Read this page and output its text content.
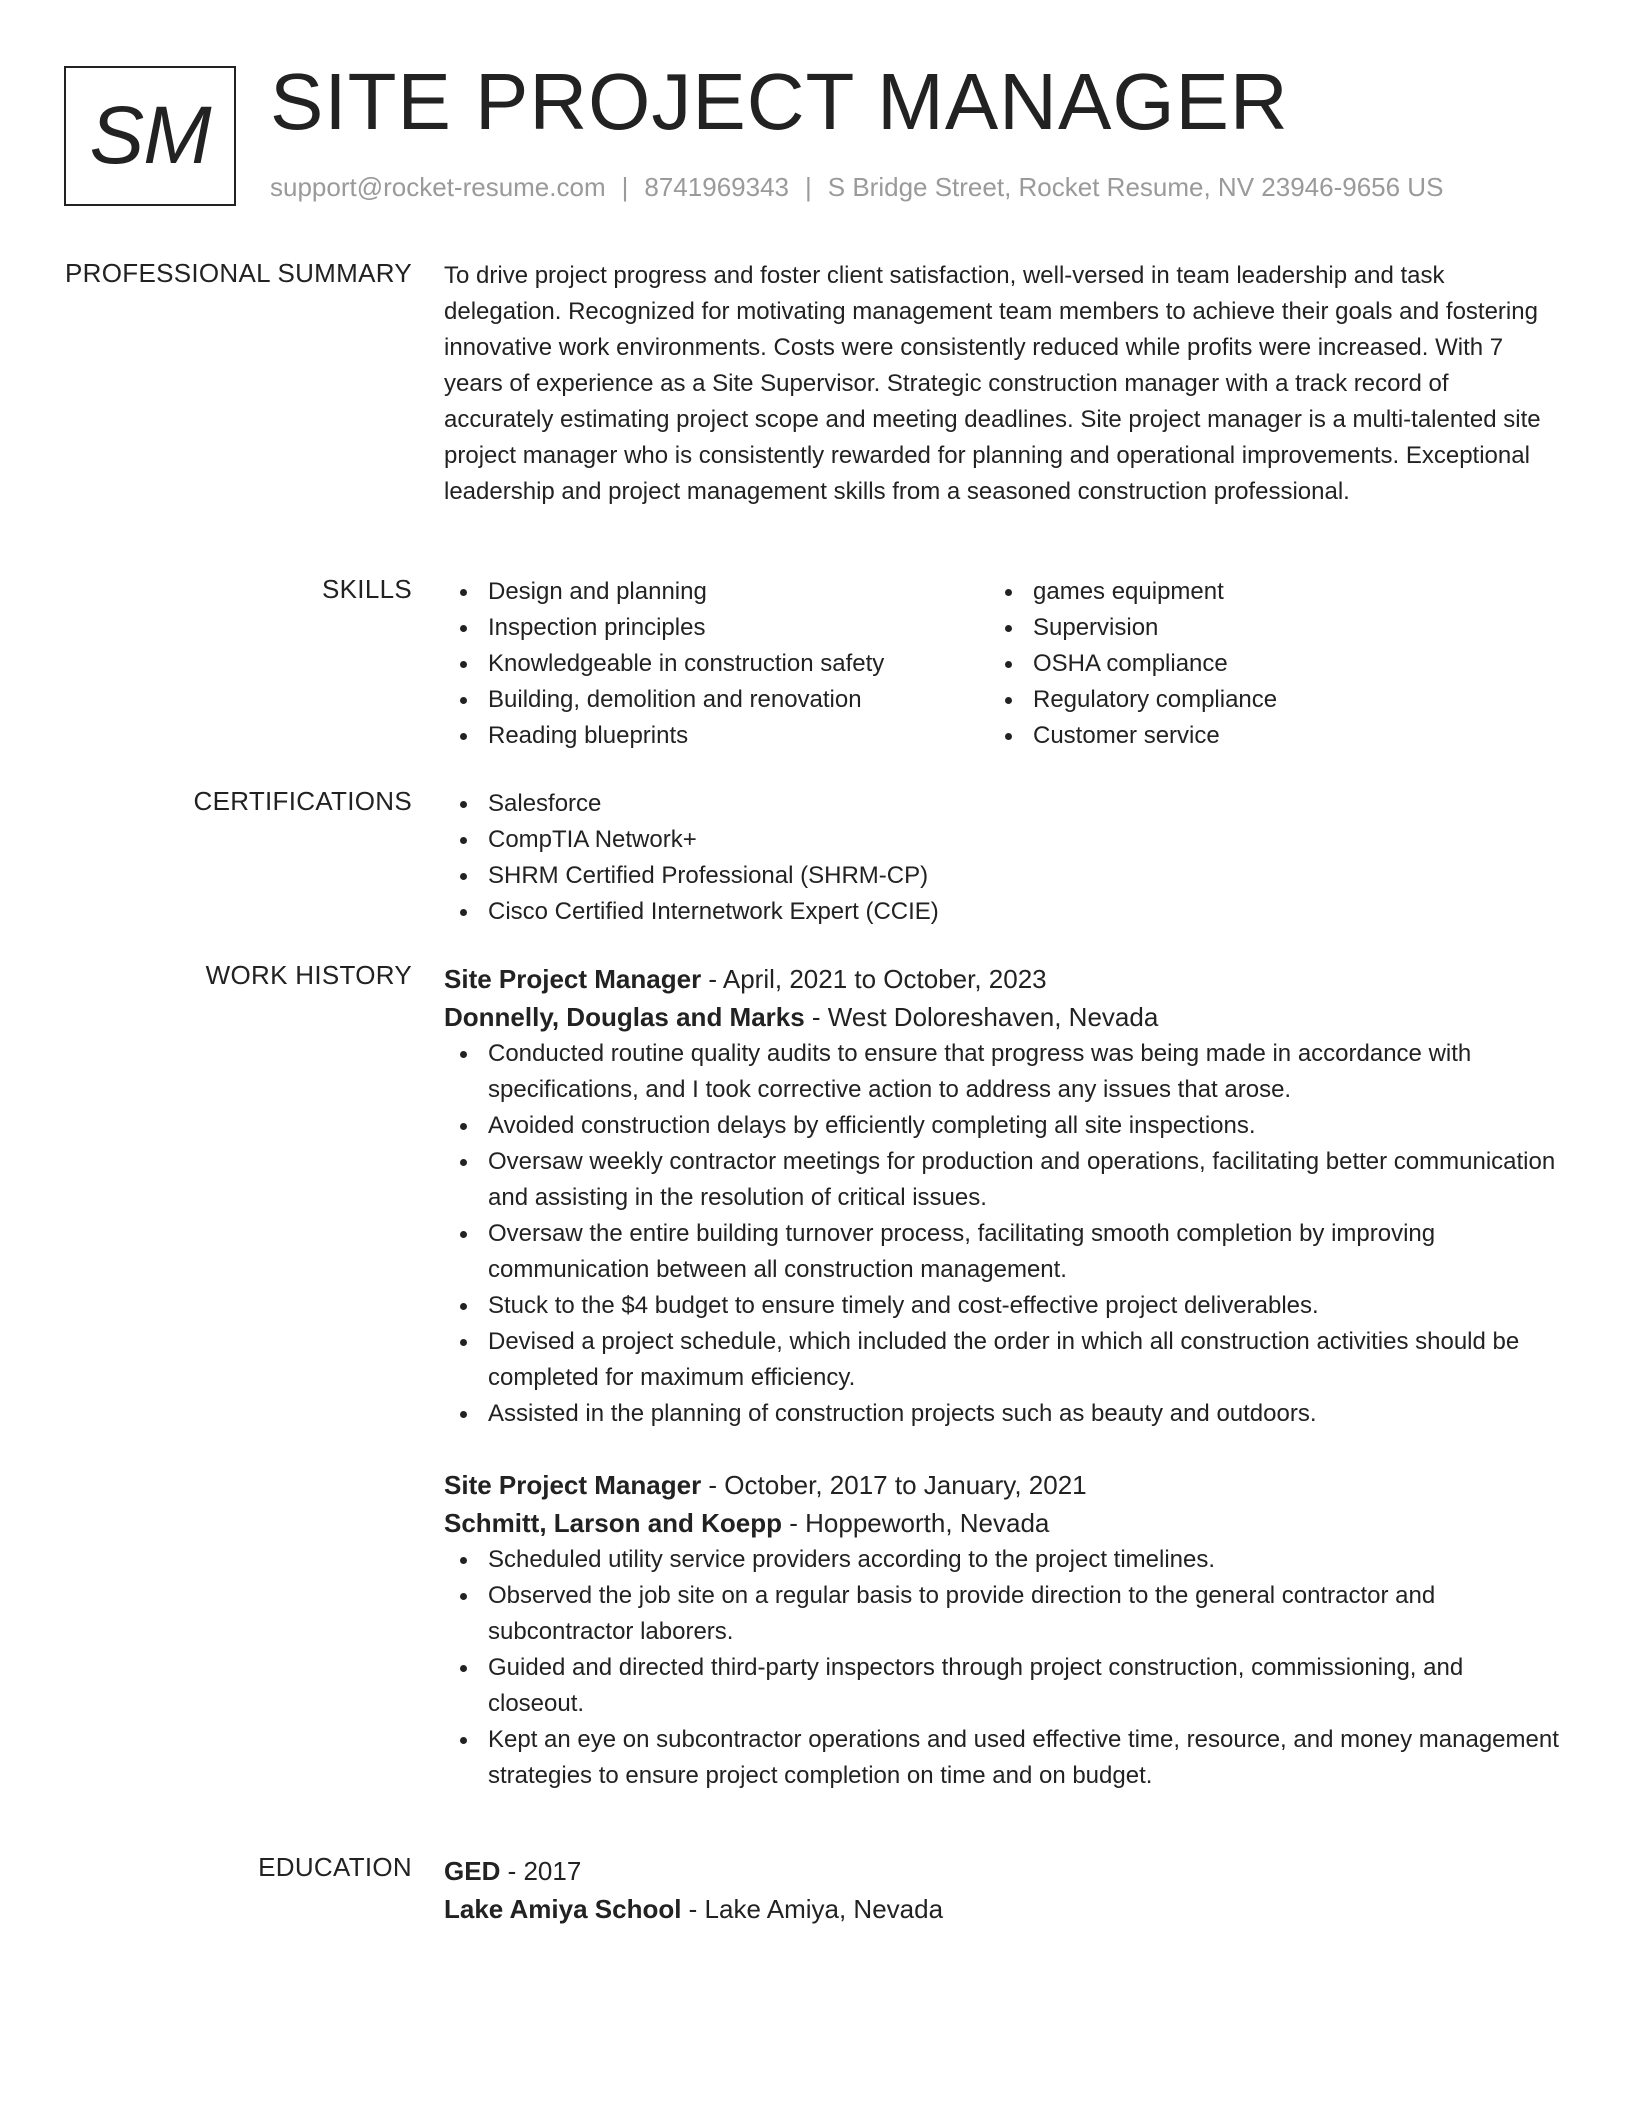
SM SITE PROJECT MANAGER
support@rocket-resume.com | 8741969343 | S Bridge Street, Rocket Resume, NV 23946-9656 US
PROFESSIONAL SUMMARY To drive project progress and foster client satisfaction, well-versed in team leadership and task delegation. Recognized for motivating management team members to achieve their goals and fostering innovative work environments. Costs were consistently reduced while profits were increased. With 7 years of experience as a Site Supervisor. Strategic construction manager with a track record of accurately estimating project scope and meeting deadlines. Site project manager is a multi-talented site project manager who is consistently rewarded for planning and operational improvements. Exceptional leadership and project management skills from a seasoned construction professional.

SKILLS	Design and planning
Inspection principles
Knowledgeable in construction safety
Building, demolition and renovation
Reading blueprints
games equipment
Supervision
OSHA compliance
Regulatory compliance
Customer service
CERTIFICATIONS	Salesforce
CompTIA Network+
SHRM Certified Professional (SHRM-CP)
Cisco Certified Internetwork Expert (CCIE)
WORK HISTORY Site Project Manager - April, 2021 to October, 2023
Donnelly, Douglas and Marks - West Doloreshaven, Nevada
Conducted routine quality audits to ensure that progress was being made in accordance with specifications, and I took corrective action to address any issues that arose.
Avoided construction delays by efficiently completing all site inspections.
Oversaw weekly contractor meetings for production and operations, facilitating better communication and assisting in the resolution of critical issues.
Oversaw the entire building turnover process, facilitating smooth completion by improving communication between all construction management.
Stuck to the $4 budget to ensure timely and cost-effective project deliverables.
Devised a project schedule, which included the order in which all construction activities should be completed for maximum efficiency.
Assisted in the planning of construction projects such as beauty and outdoors.
Site Project Manager - October, 2017 to January, 2021
Schmitt, Larson and Koepp - Hoppeworth, Nevada
Scheduled utility service providers according to the project timelines.
Observed the job site on a regular basis to provide direction to the general contractor and subcontractor laborers.
Guided and directed third-party inspectors through project construction, commissioning, and closeout.
Kept an eye on subcontractor operations and used effective time, resource, and money management strategies to ensure project completion on time and on budget.
EDUCATION GED - 2017
Lake Amiya School - Lake Amiya, Nevada
